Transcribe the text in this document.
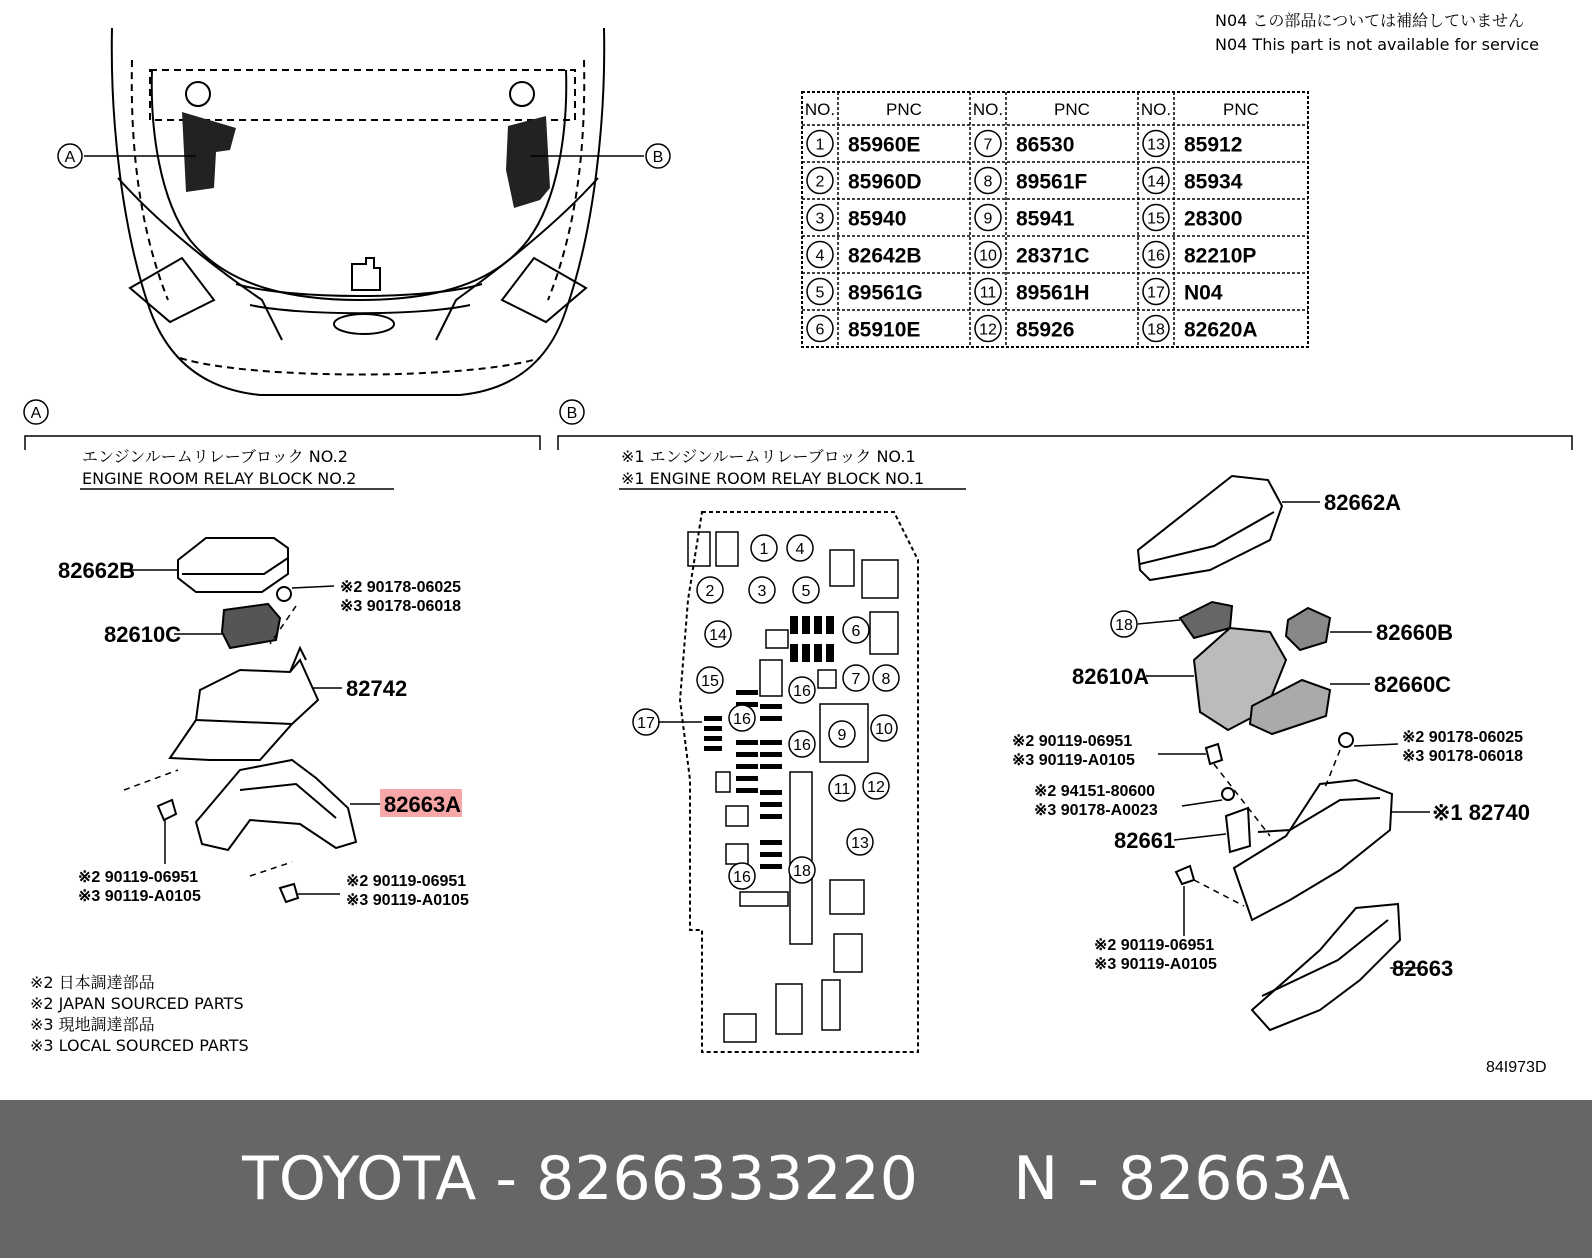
A	B
N04 この部品については補給していません
N04 This part is not available for service
NO.	PNC	NO.	PNC	NO.	PNC
1 85960E	7 86530	13 85912
2 85960D	8 89561F	14 85934
3 85940	9 85941	15 28300
4 82642B	10 28371C	16 82210P
5 89561G	11 89561H	17 N04
6 85910E	12 85926	18 82620A
A
エンジンルームリレーブロック NO.2
ENGINE ROOM RELAY BLOCK NO.2
82662B
※2 90178-06025
※3 90178-06018
82610C
82742
82663A
※2 90119-06951
※3 90119-A0105
※2 90119-06951
※3 90119-A0105
B
※1 エンジンルームリレーブロック NO.1
※1 ENGINE ROOM RELAY BLOCK NO.1
1
2	3
4
5
6
7 8
9 10
11 12
13
14
15
16
16
16
16
17
18
82662A
18	82660B
82610A	82660C
※2 90119-06951
※3 90119-A0105
※2 90178-06025
※3 90178-06018
※2 94151-80600
※3 90178-A0023	※1 82740
82661
※2 90119-06951
※3 90119-A0105	82663
※2 日本調達部品
※2 JAPAN SOURCED PARTS
※3 現地調達部品
※3 LOCAL SOURCED PARTS
84I973D
TOYOTA - 8266333220
N - 82663A
